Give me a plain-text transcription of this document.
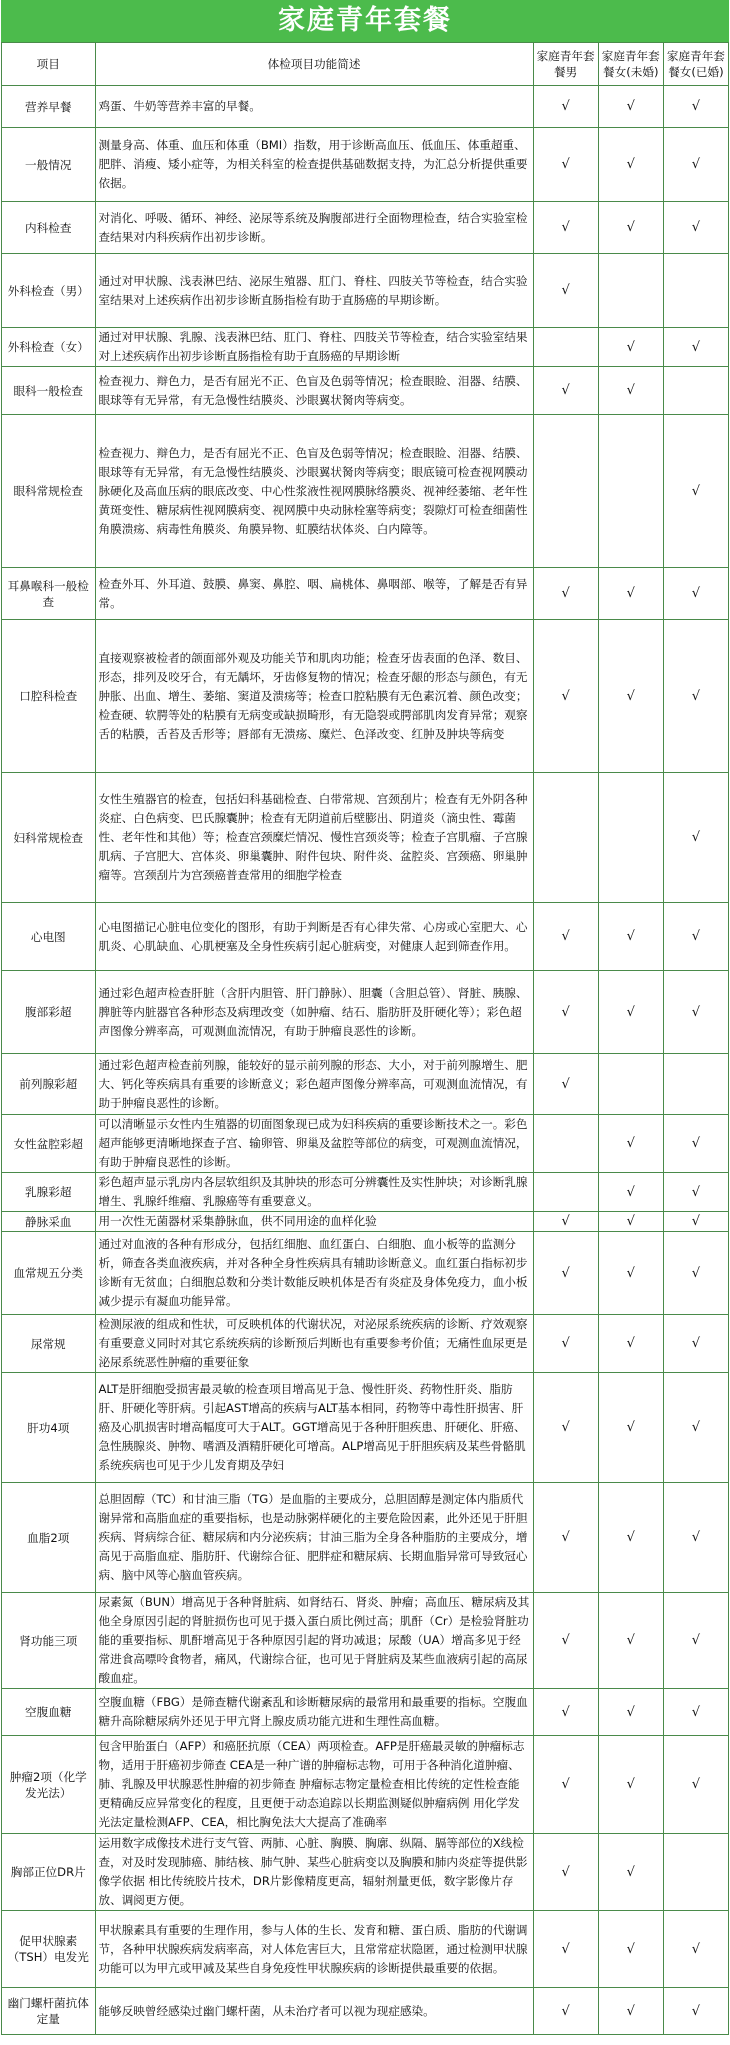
家庭青年套餐
项目	体检项目功能简述	家庭青年套餐男	家庭青年套餐女(未婚)	家庭青年套餐女(已婚)
营养早餐	鸡蛋、牛奶等营养丰富的早餐。	√	√	√
一般情况	测量身高、体重、血压和体重（BMI）指数，用于诊断高血压、低血压、体重超重、肥胖、消瘦、矮小症等，为相关科室的检查提供基础数据支持，为汇总分析提供重要依据。	√	√	√
内科检查	对消化、呼吸、循环、神经、泌尿等系统及胸腹部进行全面物理检查，结合实验室检查结果对内科疾病作出初步诊断。	√	√	√
外科检查（男）	通过对甲状腺、浅表淋巴结、泌尿生殖器、肛门、脊柱、四肢关节等检查，结合实验室结果对上述疾病作出初步诊断直肠指检有助于直肠癌的早期诊断。	√		
外科检查（女）	通过对甲状腺、乳腺、浅表淋巴结、肛门、脊柱、四肢关节等检查，结合实验室结果对上述疾病作出初步诊断直肠指检有助于直肠癌的早期诊断		√	√
眼科一般检查	检查视力、辩色力，是否有屈光不正、色盲及色弱等情况；检查眼睑、泪器、结膜、眼球等有无异常，有无急慢性结膜炎、沙眼翼状胬肉等病变。	√	√	
眼科常规检查	检查视力、辩色力，是否有屈光不正、色盲及色弱等情况；检查眼睑、泪器、结膜、眼球等有无异常，有无急慢性结膜炎、沙眼翼状胬肉等病变；眼底镜可检查视网膜动脉硬化及高血压病的眼底改变、中心性浆液性视网膜脉络膜炎、视神经萎缩、老年性黄斑变性、糖尿病性视网膜病变、视网膜中央动脉栓塞等病变；裂隙灯可检查细菌性角膜溃疡、病毒性角膜炎、角膜异物、虹膜结状体炎、白内障等。			√
耳鼻喉科一般检查	检查外耳、外耳道、鼓膜、鼻窦、鼻腔、咽、扁桃体、鼻咽部、喉等，了解是否有异常。	√	√	√
口腔科检查	直接观察被检者的颌面部外观及功能关节和肌肉功能；检查牙齿表面的色泽、数目、形态，排列及咬牙合，有无龋坏，牙齿修复物的情况；检查牙龈的形态与颜色，有无肿胀、出血、增生、萎缩、窦道及溃疡等；检查口腔粘膜有无色素沉着、颜色改变；检查硬、软腭等处的粘膜有无病变或缺损畸形，有无隐裂或腭部肌肉发育异常；观察舌的粘膜，舌苔及舌形等；唇部有无溃疡、糜烂、色泽改变、红肿及肿块等病变	√	√	√
妇科常规检查	女性生殖器官的检查，包括妇科基础检查、白带常规、宫颈刮片；检查有无外阴各种炎症、白色病变、巴氏腺囊肿；检查有无阴道前后壁膨出、阴道炎（滴虫性、霉菌性、老年性和其他）等；检查宫颈糜烂情况、慢性宫颈炎等；检查子宫肌瘤、子宫腺肌病、子宫肥大、宫体炎、卵巢囊肿、附件包块、附件炎、盆腔炎、宫颈癌、卵巢肿瘤等。宫颈刮片为宫颈癌普查常用的细胞学检查			√
心电图	心电图描记心脏电位变化的图形，有助于判断是否有心律失常、心房或心室肥大、心肌炎、心肌缺血、心肌梗塞及全身性疾病引起心脏病变，对健康人起到筛查作用。	√	√	√
腹部彩超	通过彩色超声检查肝脏（含肝内胆管、肝门静脉）、胆囊（含胆总管）、肾脏、胰腺、脾脏等内脏器官各种形态及病理改变（如肿瘤、结石、脂肪肝及肝硬化等）；彩色超声图像分辨率高，可观测血流情况，有助于肿瘤良恶性的诊断。	√	√	√
前列腺彩超	通过彩色超声检查前列腺，能较好的显示前列腺的形态、大小，对于前列腺增生、肥大、钙化等疾病具有重要的诊断意义；彩色超声图像分辨率高，可观测血流情况，有助于肿瘤良恶性的诊断。	√		
女性盆腔彩超	可以清晰显示女性内生殖器的切面图象现已成为妇科疾病的重要诊断技术之一。彩色超声能够更清晰地探查子宫、输卵管、卵巢及盆腔等部位的病变，可观测血流情况，有助于肿瘤良恶性的诊断。		√	√
乳腺彩超	彩色超声显示乳房内各层软组织及其肿块的形态可分辨囊性及实性肿块；对诊断乳腺增生、乳腺纤维瘤、乳腺癌等有重要意义。		√	√
静脉采血	用一次性无菌器材采集静脉血，供不同用途的血样化验	√	√	√
血常规五分类	通过对血液的各种有形成分，包括红细胞、血红蛋白、白细胞、血小板等的监测分析，筛查各类血液疾病，并对各种全身性疾病具有辅助诊断意义。血红蛋白指标初步诊断有无贫血；白细胞总数和分类计数能反映机体是否有炎症及身体免疫力，血小板减少提示有凝血功能异常。	√	√	√
尿常规	检测尿液的组成和性状，可反映机体的代谢状况，对泌尿系统疾病的诊断、疗效观察有重要意义同时对其它系统疾病的诊断预后判断也有重要参考价值；无痛性血尿更是泌尿系统恶性肿瘤的重要征象	√	√	√
肝功4项	ALT是肝细胞受损害最灵敏的检查项目增高见于急、慢性肝炎、药物性肝炎、脂肪肝、肝硬化等肝病。引起AST增高的疾病与ALT基本相同，药物等中毒性肝损害、肝癌及心肌损害时增高幅度可大于ALT。GGT增高见于各种肝胆疾患、肝硬化、肝癌、急性胰腺炎、肿物、嗜酒及酒精肝硬化可增高。ALP增高见于肝胆疾病及某些骨骼肌系统疾病也可见于少儿发育期及孕妇	√	√	√
血脂2项	总胆固醇（TC）和甘油三脂（TG）是血脂的主要成分，总胆固醇是测定体内脂质代谢异常和高脂血症的重要指标，也是动脉粥样硬化的主要危险因素，此外还见于肝胆疾病、肾病综合征、糖尿病和内分泌疾病；甘油三脂为全身各种脂肪的主要成分，增高见于高脂血症、脂肪肝、代谢综合征、肥胖症和糖尿病、长期血脂异常可导致冠心病、脑中风等心脑血管疾病。	√	√	√
肾功能三项	尿素氮（BUN）增高见于各种肾脏病、如肾结石、肾炎、肿瘤；高血压、糖尿病及其他全身原因引起的肾脏损伤也可见于摄入蛋白质比例过高；肌酐（Cr）是检验肾脏功能的重要指标、肌酐增高见于各种原因引起的肾功减退；尿酸（UA）增高多见于经常进食高嘌呤食物者，痛风，代谢综合征，也可见于肾脏病及某些血液病引起的高尿酸血症。	√	√	√
空腹血糖	空腹血糖（FBG）是筛查糖代谢紊乱和诊断糖尿病的最常用和最重要的指标。空腹血糖升高除糖尿病外还见于甲亢肾上腺皮质功能亢进和生理性高血糖。	√	√	√
肿瘤2项（化学发光法）	包含甲胎蛋白（AFP）和癌胚抗原（CEA）两项检查。AFP是肝癌最灵敏的肿瘤标志物，适用于肝癌初步筛查 CEA是一种广谱的肿瘤标志物，可用于各种消化道肿瘤、肺、乳腺及甲状腺恶性肿瘤的初步筛查 肿瘤标志物定量检查相比传统的定性检查能更精确反应异常变化的程度，且更便于动态追踪以长期监测疑似肿瘤病例 用化学发光法定量检测AFP、CEA，相比胸免法大大提高了准确率	√	√	√
胸部正位DR片	运用数字成像技术进行支气管、两肺、心脏、胸膜、胸廓、纵隔、膈等部位的X线检查，对及时发现肺癌、肺结核、肺气肿、某些心脏病变以及胸膜和肺内炎症等提供影像学依据 相比传统胶片技术，DR片影像精度更高，辐射剂量更低，数字影像片存放、调阅更方便。	√	√	
促甲状腺素（TSH）电发光	甲状腺素具有重要的生理作用，参与人体的生长、发育和糖、蛋白质、脂肪的代谢调节，各种甲状腺疾病发病率高，对人体危害巨大，且常常症状隐匿，通过检测甲状腺功能可以为甲亢或甲减及某些自身免疫性甲状腺疾病的诊断提供最重要的依据。	√	√	√
幽门螺杆菌抗体定量	能够反映曾经感染过幽门螺杆菌，从未治疗者可以视为现症感染。	√	√	√
